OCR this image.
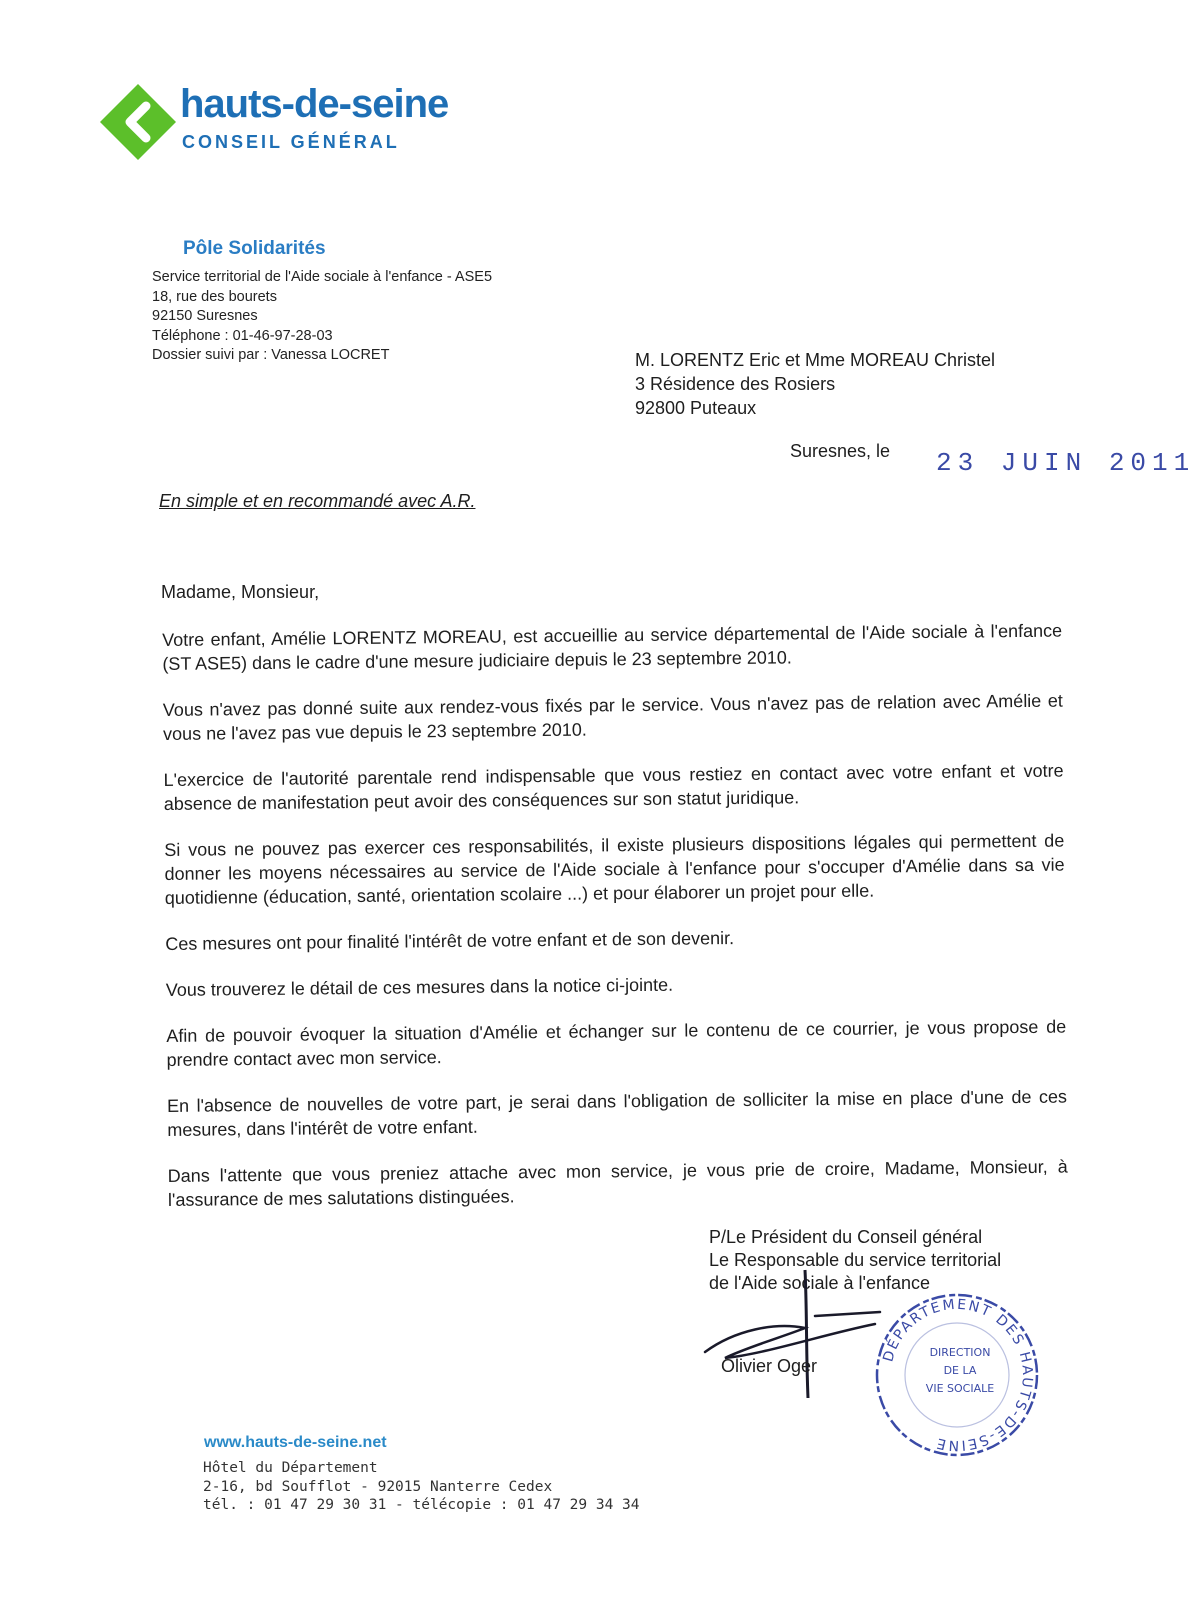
hauts-de-seine
CONSEIL GÉNÉRAL
Pôle Solidarités
Service territorial de l'Aide sociale à l'enfance - ASE5
18, rue des bourets
92150 Suresnes
Téléphone : 01-46-97-28-03
Dossier suivi par : Vanessa LOCRET	M. LORENTZ Eric et Mme MOREAU Christel
3 Résidence des Rosiers
92800 Puteaux
Suresnes, le 23 JUIN 2011
En simple et en recommandé avec A.R.
Madame, Monsieur,

Votre enfant, Amélie LORENTZ MOREAU, est accueillie au service départemental de l'Aide sociale à l'enfance (ST ASE5) dans le cadre d'une mesure judiciaire depuis le 23 septembre 2010.

Vous n'avez pas donné suite aux rendez-vous fixés par le service. Vous n'avez pas de relation avec Amélie et vous ne l'avez pas vue depuis le 23 septembre 2010.

L'exercice de l'autorité parentale rend indispensable que vous restiez en contact avec votre enfant et votre absence de manifestation peut avoir des conséquences sur son statut juridique.

Si vous ne pouvez pas exercer ces responsabilités, il existe plusieurs dispositions légales qui permettent de donner les moyens nécessaires au service de l'Aide sociale à l'enfance pour s'occuper d'Amélie dans sa vie quotidienne (éducation, santé, orientation scolaire ...) et pour élaborer un projet pour elle.

Ces mesures ont pour finalité l'intérêt de votre enfant et de son devenir.

Vous trouverez le détail de ces mesures dans la notice ci-jointe.

Afin de pouvoir évoquer la situation d'Amélie et échanger sur le contenu de ce courrier, je vous propose de prendre contact avec mon service.

En l'absence de nouvelles de votre part, je serai dans l'obligation de solliciter la mise en place d'une de ces mesures, dans l'intérêt de votre enfant.

Dans l'attente que vous preniez attache avec mon service, je vous prie de croire, Madame, Monsieur, à l'assurance de mes salutations distinguées.

P/Le Président du Conseil général
Le Responsable du service territorial
de l'Aide sociale à l'enfance
Olivier Oger
DÉPARTEMENT DES HAUTS-DE-SEINE
DIRECTION
DE LA
VIE SOCIALE
www.hauts-de-seine.net
Hôtel du Département
2-16, bd Soufflot - 92015 Nanterre Cedex
tél. : 01 47 29 30 31 - télécopie : 01 47 29 34 34
